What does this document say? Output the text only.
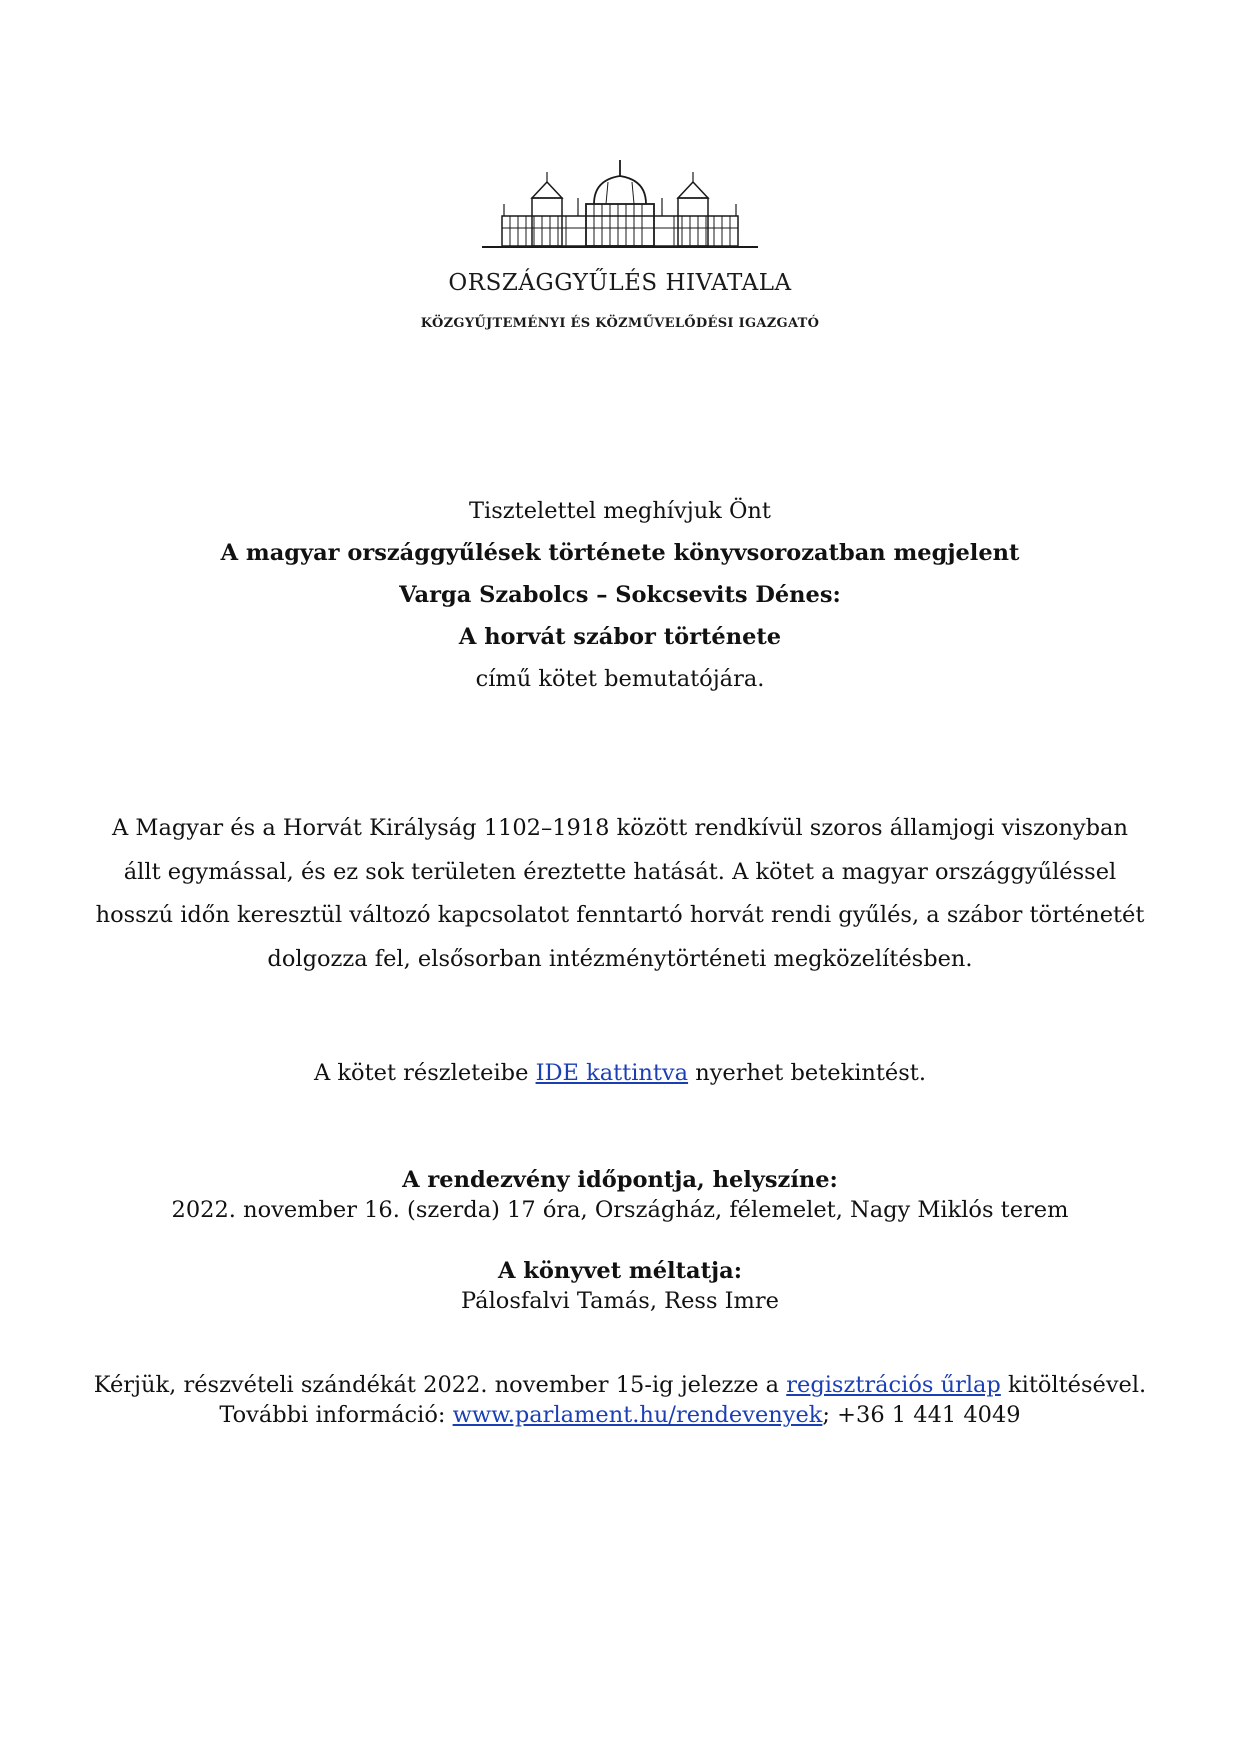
ORSZÁGGYŰLÉS HIVATALA
KÖZGYŰJTEMÉNYI ÉS KÖZMŰVELŐDÉSI IGAZGATÓ
Tisztelettel meghívjuk Önt
A magyar országgyűlések története könyvsorozatban megjelent
Varga Szabolcs – Sokcsevits Dénes:
A horvát szábor története
című kötet bemutatójára.
A Magyar és a Horvát Királyság 1102–1918 között rendkívül szoros államjogi viszonyban állt egymással, és ez sok területen éreztette hatását. A kötet a magyar országgyűléssel hosszú időn keresztül változó kapcsolatot fenntartó horvát rendi gyűlés, a szábor történetét dolgozza fel, elsősorban intézménytörténeti megközelítésben.
A kötet részleteibe IDE kattintva nyerhet betekintést.
A rendezvény időpontja, helyszíne:
2022. november 16. (szerda) 17 óra, Országház, félemelet, Nagy Miklós terem
A könyvet méltatja:
Pálosfalvi Tamás, Ress Imre
Kérjük, részvételi szándékát 2022. november 15-ig jelezze a regisztrációs űrlap kitöltésével.
További információ: www.parlament.hu/rendevenyek; +36 1 441 4049
